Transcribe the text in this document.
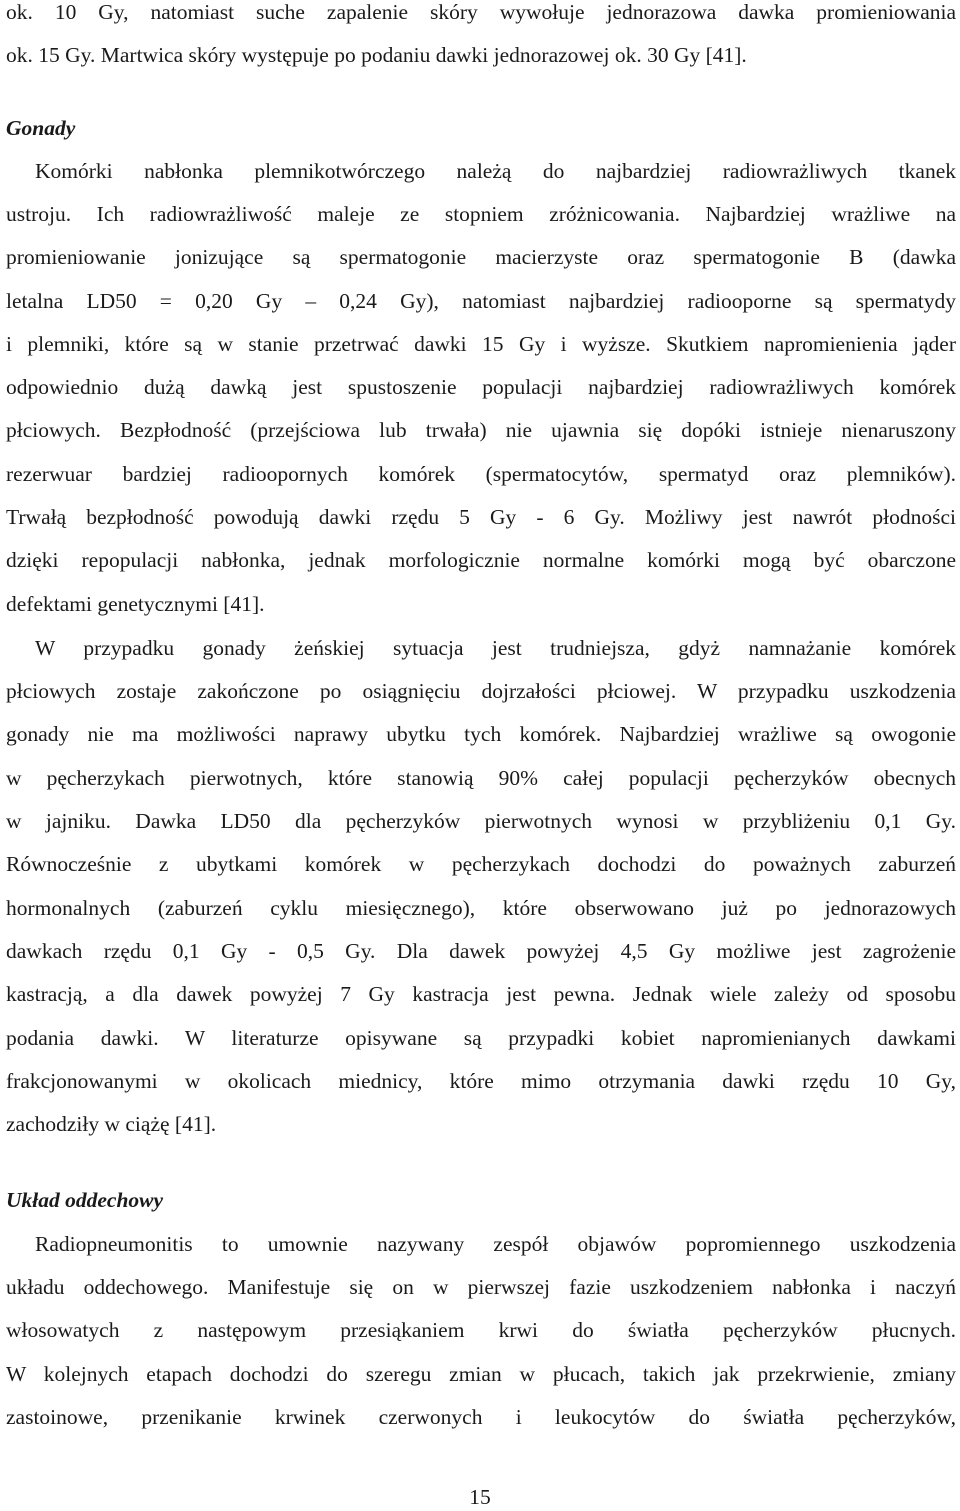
ok. 10 Gy, natomiast suche zapalenie skóry wywołuje jednorazowa dawka promieniowania
ok. 15 Gy. Martwica skóry występuje po podaniu dawki jednorazowej ok. 30 Gy [41].
Gonady
Komórki nabłonka plemnikotwórczego należą do najbardziej radiowrażliwych tkanek
ustroju. Ich radiowrażliwość maleje ze stopniem zróżnicowania. Najbardziej wrażliwe na
promieniowanie jonizujące są spermatogonie macierzyste oraz spermatogonie B (dawka
letalna LD50 = 0,20 Gy – 0,24 Gy), natomiast najbardziej radiooporne są spermatydy
i plemniki, które są w stanie przetrwać dawki 15 Gy i wyższe. Skutkiem napromienienia jąder
odpowiednio dużą dawką jest spustoszenie populacji najbardziej radiowrażliwych komórek
płciowych. Bezpłodność (przejściowa lub trwała) nie ujawnia się dopóki istnieje nienaruszony
rezerwuar bardziej radioopornych komórek (spermatocytów, spermatyd oraz plemników).
Trwałą bezpłodność powodują dawki rzędu 5 Gy - 6 Gy. Możliwy jest nawrót płodności
dzięki repopulacji nabłonka, jednak morfologicznie normalne komórki mogą być obarczone
defektami genetycznymi [41].
W przypadku gonady żeńskiej sytuacja jest trudniejsza, gdyż namnażanie komórek
płciowych zostaje zakończone po osiągnięciu dojrzałości płciowej. W przypadku uszkodzenia
gonady nie ma możliwości naprawy ubytku tych komórek. Najbardziej wrażliwe są owogonie
w pęcherzykach pierwotnych, które stanowią 90% całej populacji pęcherzyków obecnych
w jajniku. Dawka LD50 dla pęcherzyków pierwotnych wynosi w przybliżeniu 0,1 Gy.
Równocześnie z ubytkami komórek w pęcherzykach dochodzi do poważnych zaburzeń
hormonalnych (zaburzeń cyklu miesięcznego), które obserwowano już po jednorazowych
dawkach rzędu 0,1 Gy - 0,5 Gy. Dla dawek powyżej 4,5 Gy możliwe jest zagrożenie
kastracją, a dla dawek powyżej 7 Gy kastracja jest pewna. Jednak wiele zależy od sposobu
podania dawki. W literaturze opisywane są przypadki kobiet napromienianych dawkami
frakcjonowanymi w okolicach miednicy, które mimo otrzymania dawki rzędu 10 Gy,
zachodziły w ciążę [41].
Układ oddechowy
Radiopneumonitis to umownie nazywany zespół objawów popromiennego uszkodzenia
układu oddechowego. Manifestuje się on w pierwszej fazie uszkodzeniem nabłonka i naczyń
włosowatych z następowym przesiąkaniem krwi do światła pęcherzyków płucnych.
W kolejnych etapach dochodzi do szeregu zmian w płucach, takich jak przekrwienie, zmiany
zastoinowe, przenikanie krwinek czerwonych i leukocytów do światła pęcherzyków,
15
